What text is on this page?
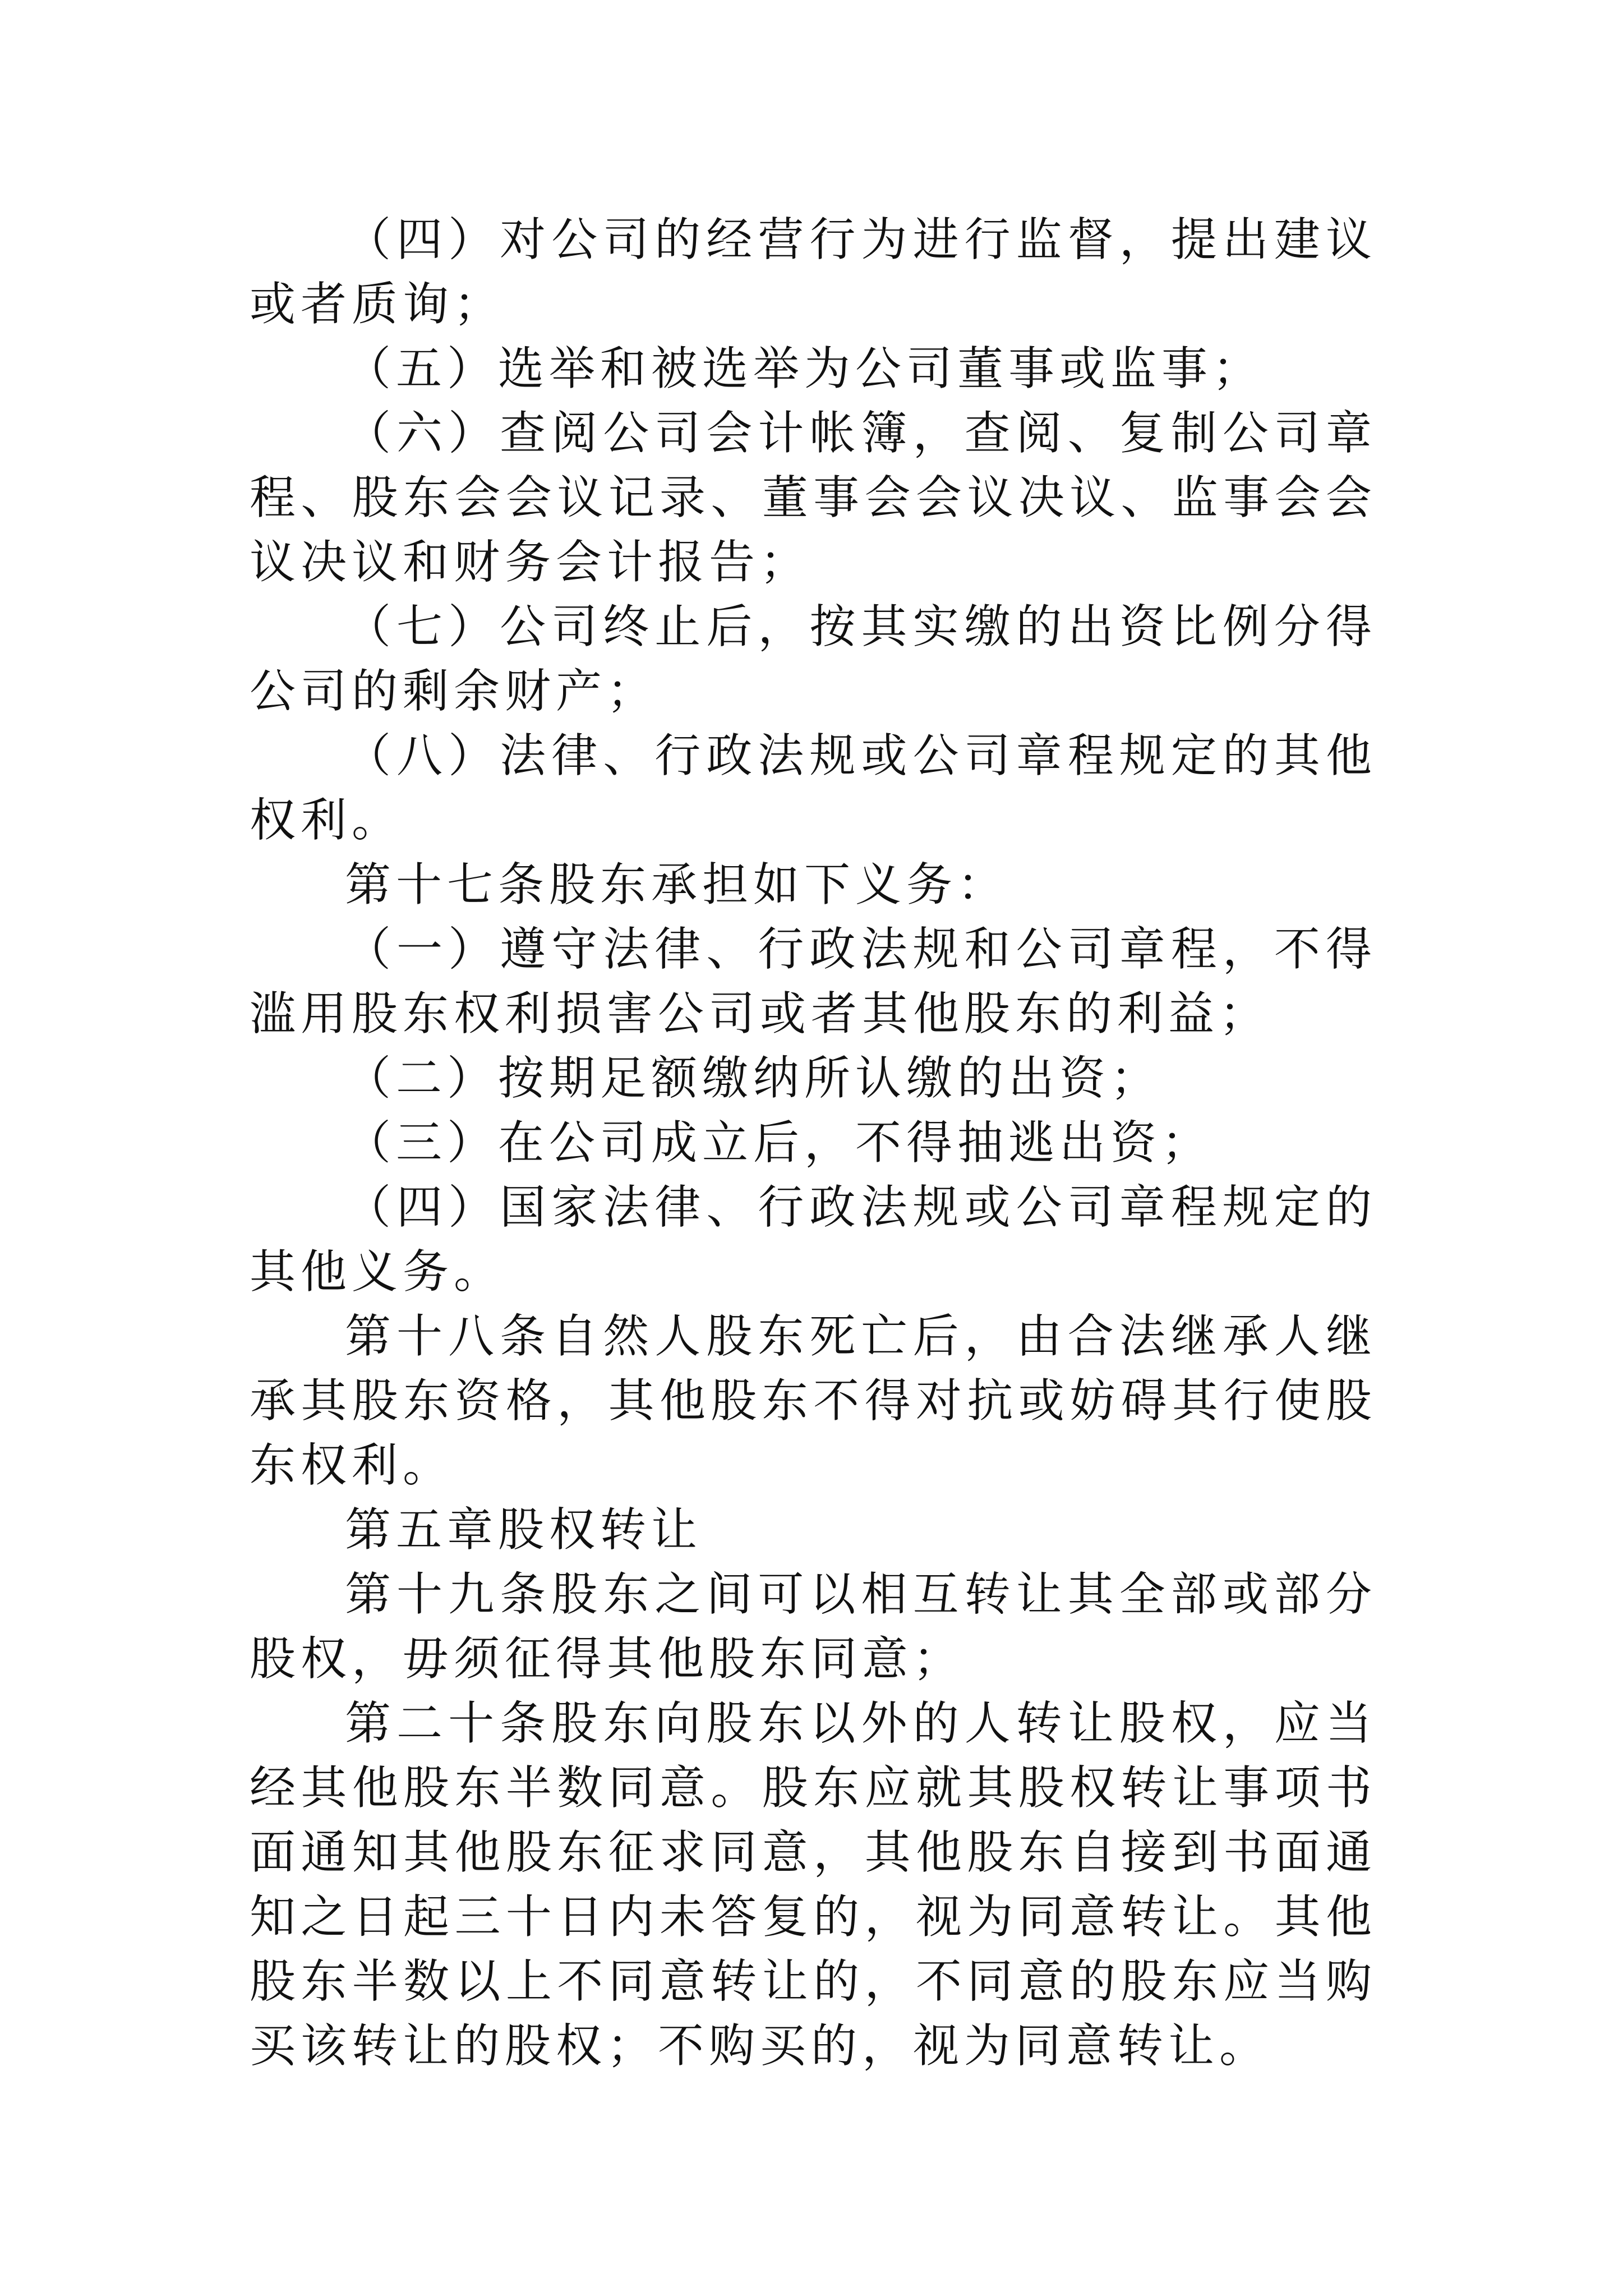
（四）对公司的经营行为进行监督，提出建议或者质询；

（五）选举和被选举为公司董事或监事；

（六）查阅公司会计帐簿，查阅、复制公司章程、股东会会议记录、董事会会议决议、监事会会议决议和财务会计报告；

（七）公司终止后，按其实缴的出资比例分得公司的剩余财产；

（八）法律、行政法规或公司章程规定的其他权利。

第十七条股东承担如下义务：

（一）遵守法律、行政法规和公司章程，不得滥用股东权利损害公司或者其他股东的利益；

（二）按期足额缴纳所认缴的出资；

（三）在公司成立后，不得抽逃出资；

（四）国家法律、行政法规或公司章程规定的其他义务。

第十八条自然人股东死亡后，由合法继承人继承其股东资格，其他股东不得对抗或妨碍其行使股东权利。

第五章股权转让

第十九条股东之间可以相互转让其全部或部分股权，毋须征得其他股东同意；

第二十条股东向股东以外的人转让股权，应当经其他股东半数同意。股东应就其股权转让事项书面通知其他股东征求同意，其他股东自接到书面通知之日起三十日内未答复的，视为同意转让。其他股东半数以上不同意转让的，不同意的股东应当购买该转让的股权；不购买的，视为同意转让。
